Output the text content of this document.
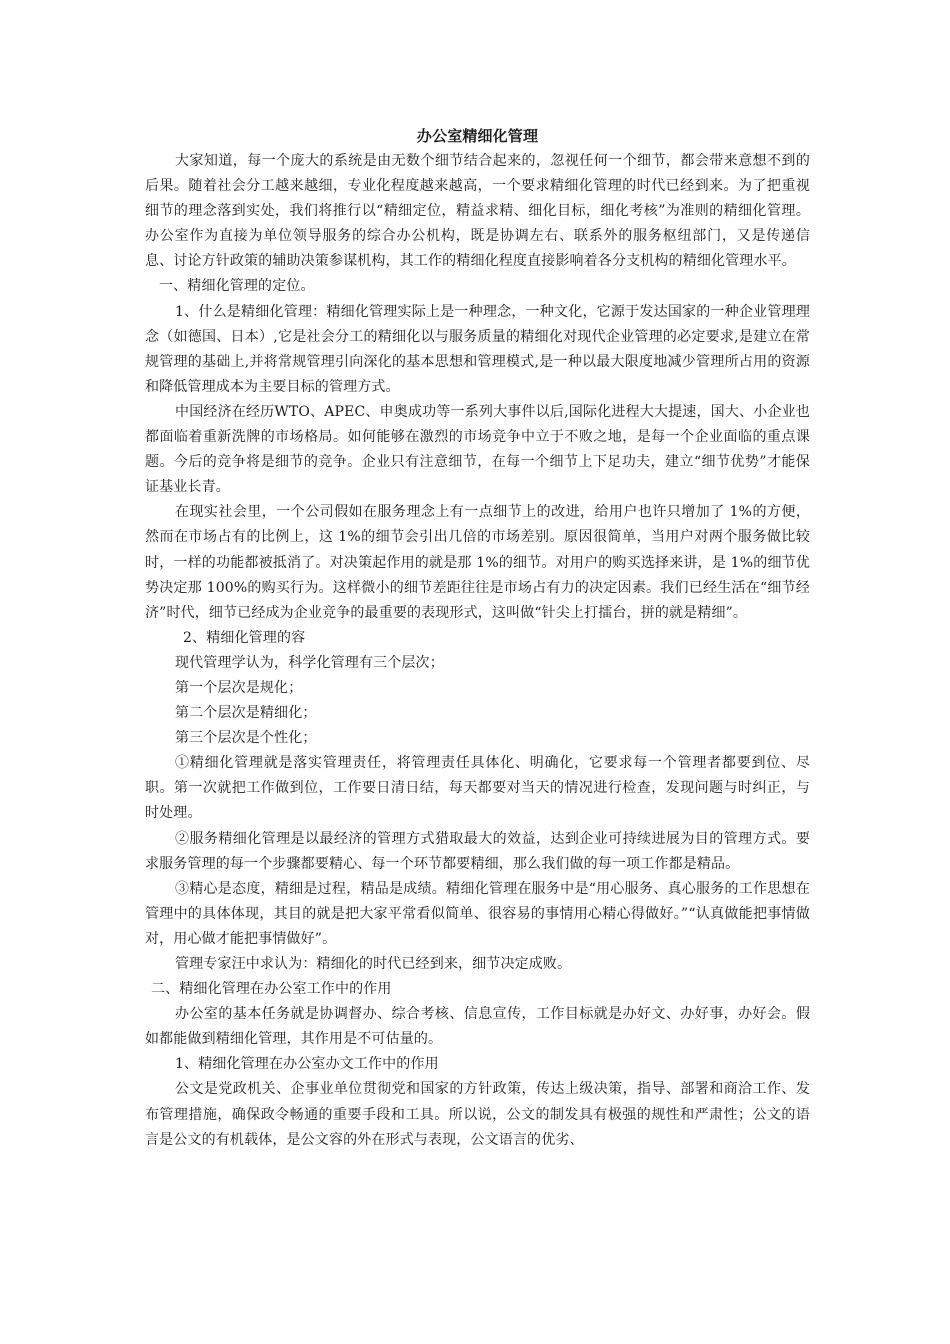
办公室精细化管理

大家知道，每一个庞大的系统是由无数个细节结合起来的，忽视任何一个细节，都会带来意想不到的后果。随着社会分工越来越细，专业化程度越来越高，一个要求精细化管理的时代已经到来。为了把重视细节的理念落到实处，我们将推行以“精细定位，精益求精、细化目标，细化考核”为准则的精细化管理。办公室作为直接为单位领导服务的综合办公机构，既是协调左右、联系外的服务枢纽部门，又是传递信息、讨论方针政策的辅助决策参谋机构，其工作的精细化程度直接影响着各分支机构的精细化管理水平。

一、精细化管理的定位。

1、什么是精细化管理：精细化管理实际上是一种理念，一种文化，它源于发达国家的一种企业管理理念（如德国、日本）,它是社会分工的精细化以与服务质量的精细化对现代企业管理的必定要求,是建立在常规管理的基础上,并将常规管理引向深化的基本思想和管理模式,是一种以最大限度地减少管理所占用的资源和降低管理成本为主要目标的管理方式。

中国经济在经历WTO、APEC、申奥成功等一系列大事件以后,国际化进程大大提速，国大、小企业也都面临着重新洗牌的市场格局。如何能够在激烈的市场竞争中立于不败之地，是每一个企业面临的重点课题。今后的竞争将是细节的竞争。企业只有注意细节，在每一个细节上下足功夫，建立“细节优势”才能保证基业长青。

在现实社会里，一个公司假如在服务理念上有一点细节上的改进，给用户也许只增加了 1%的方便，然而在市场占有的比例上，这 1%的细节会引出几倍的市场差别。原因很简单，当用户对两个服务做比较时，一样的功能都被抵消了。对决策起作用的就是那 1%的细节。对用户的购买选择来讲，是 1%的细节优势决定那 100%的购买行为。这样微小的细节差距往往是市场占有力的决定因素。我们已经生活在“细节经济”时代，细节已经成为企业竞争的最重要的表现形式，这叫做“针尖上打擂台，拼的就是精细”。

2、精细化管理的容

现代管理学认为，科学化管理有三个层次；

第一个层次是规化；

第二个层次是精细化；

第三个层次是个性化；

①精细化管理就是落实管理责任，将管理责任具体化、明确化，它要求每一个管理者都要到位、尽职。第一次就把工作做到位，工作要日清日结，每天都要对当天的情况进行检查，发现问题与时纠正，与时处理。

②服务精细化管理是以最经济的管理方式猎取最大的效益，达到企业可持续进展为目的管理方式。要求服务管理的每一个步骤都要精心、每一个环节都要精细，那么我们做的每一项工作都是精品。

③精心是态度，精细是过程，精品是成绩。精细化管理在服务中是“用心服务、真心服务的工作思想在管理中的具体体现，其目的就是把大家平常看似简单、很容易的事情用心精心得做好。”“认真做能把事情做对，用心做才能把事情做好”。

管理专家汪中求认为：精细化的时代已经到来，细节决定成败。

二、精细化管理在办公室工作中的作用

办公室的基本任务就是协调督办、综合考核、信息宣传，工作目标就是办好文、办好事，办好会。假如都能做到精细化管理，其作用是不可估量的。

1、精细化管理在办公室办文工作中的作用

公文是党政机关、企事业单位贯彻党和国家的方针政策，传达上级决策，指导、部署和商洽工作、发布管理措施，确保政令畅通的重要手段和工具。所以说，公文的制发具有极强的规性和严肃性；公文的语言是公文的有机载体，是公文容的外在形式与表现，公文语言的优劣、
